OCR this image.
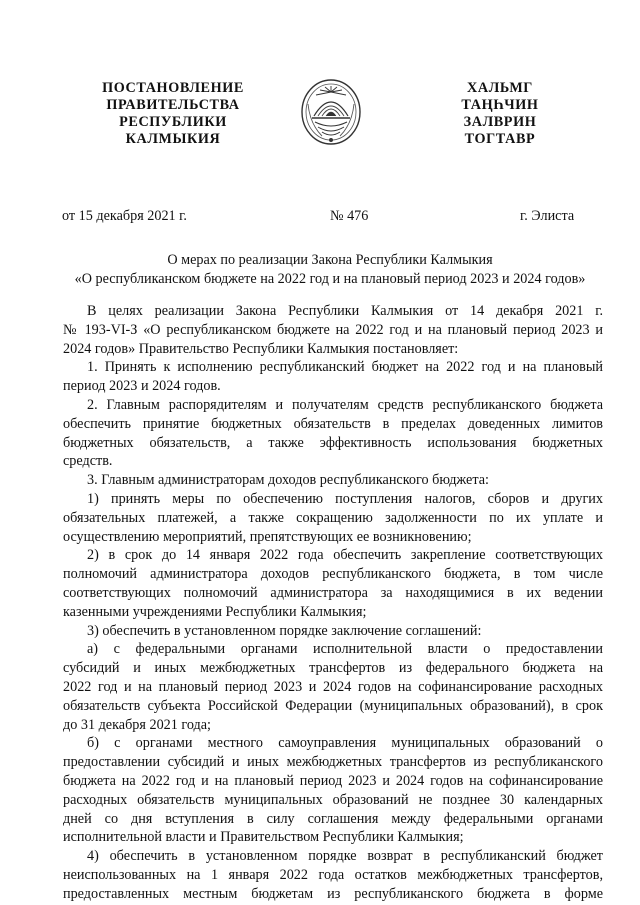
ПОСТАНОВЛЕНИЕ
ПРАВИТЕЛЬСТВА
РЕСПУБЛИКИ
КАЛМЫКИЯ
ХАЛЬМГ
ТАҢҺЧИН
ЗАЛВРИН
ТОГТАВР
от 15 декабря 2021 г.	№ 476	г. Элиста
О мерах по реализации Закона Республики Калмыкия
«О республиканском бюджете на 2022 год и на плановый период 2023 и 2024 годов»
В целях реализации Закона Республики Калмыкия от 14 декабря 2021 г.
№ 193-VI-З «О республиканском бюджете на 2022 год и на плановый период 2023 и
2024 годов» Правительство Республики Калмыкия постановляет:
1. Принять к исполнению республиканский бюджет на 2022 год и на плановый
период 2023 и 2024 годов.
2. Главным распорядителям и получателям средств республиканского бюджета
обеспечить принятие бюджетных обязательств в пределах доведенных лимитов
бюджетных обязательств, а также эффективность использования бюджетных
средств.
3. Главным администраторам доходов республиканского бюджета:
1) принять меры по обеспечению поступления налогов, сборов и других
обязательных платежей, а также сокращению задолженности по их уплате и
осуществлению мероприятий, препятствующих ее возникновению;
2) в срок до 14 января 2022 года обеспечить закрепление соответствующих
полномочий администратора доходов республиканского бюджета, в том числе
соответствующих полномочий администратора за находящимися в их ведении
казенными учреждениями Республики Калмыкия;
3) обеспечить в установленном порядке заключение соглашений:
а) с федеральными органами исполнительной власти о предоставлении
субсидий и иных межбюджетных трансфертов из федерального бюджета на
2022 год и на плановый период 2023 и 2024 годов на софинансирование расходных
обязательств субъекта Российской Федерации (муниципальных образований), в срок
до 31 декабря 2021 года;
б) с органами местного самоуправления муниципальных образований о
предоставлении субсидий и иных межбюджетных трансфертов из республиканского
бюджета на 2022 год и на плановый период 2023 и 2024 годов на софинансирование
расходных обязательств муниципальных образований не позднее 30 календарных
дней со дня вступления в силу соглашения между федеральными органами
исполнительной власти и Правительством Республики Калмыкия;
4) обеспечить в установленном порядке возврат в республиканский бюджет
неиспользованных на 1 января 2022 года остатков межбюджетных трансфертов,
предоставленных местным бюджетам из республиканского бюджета в форме
